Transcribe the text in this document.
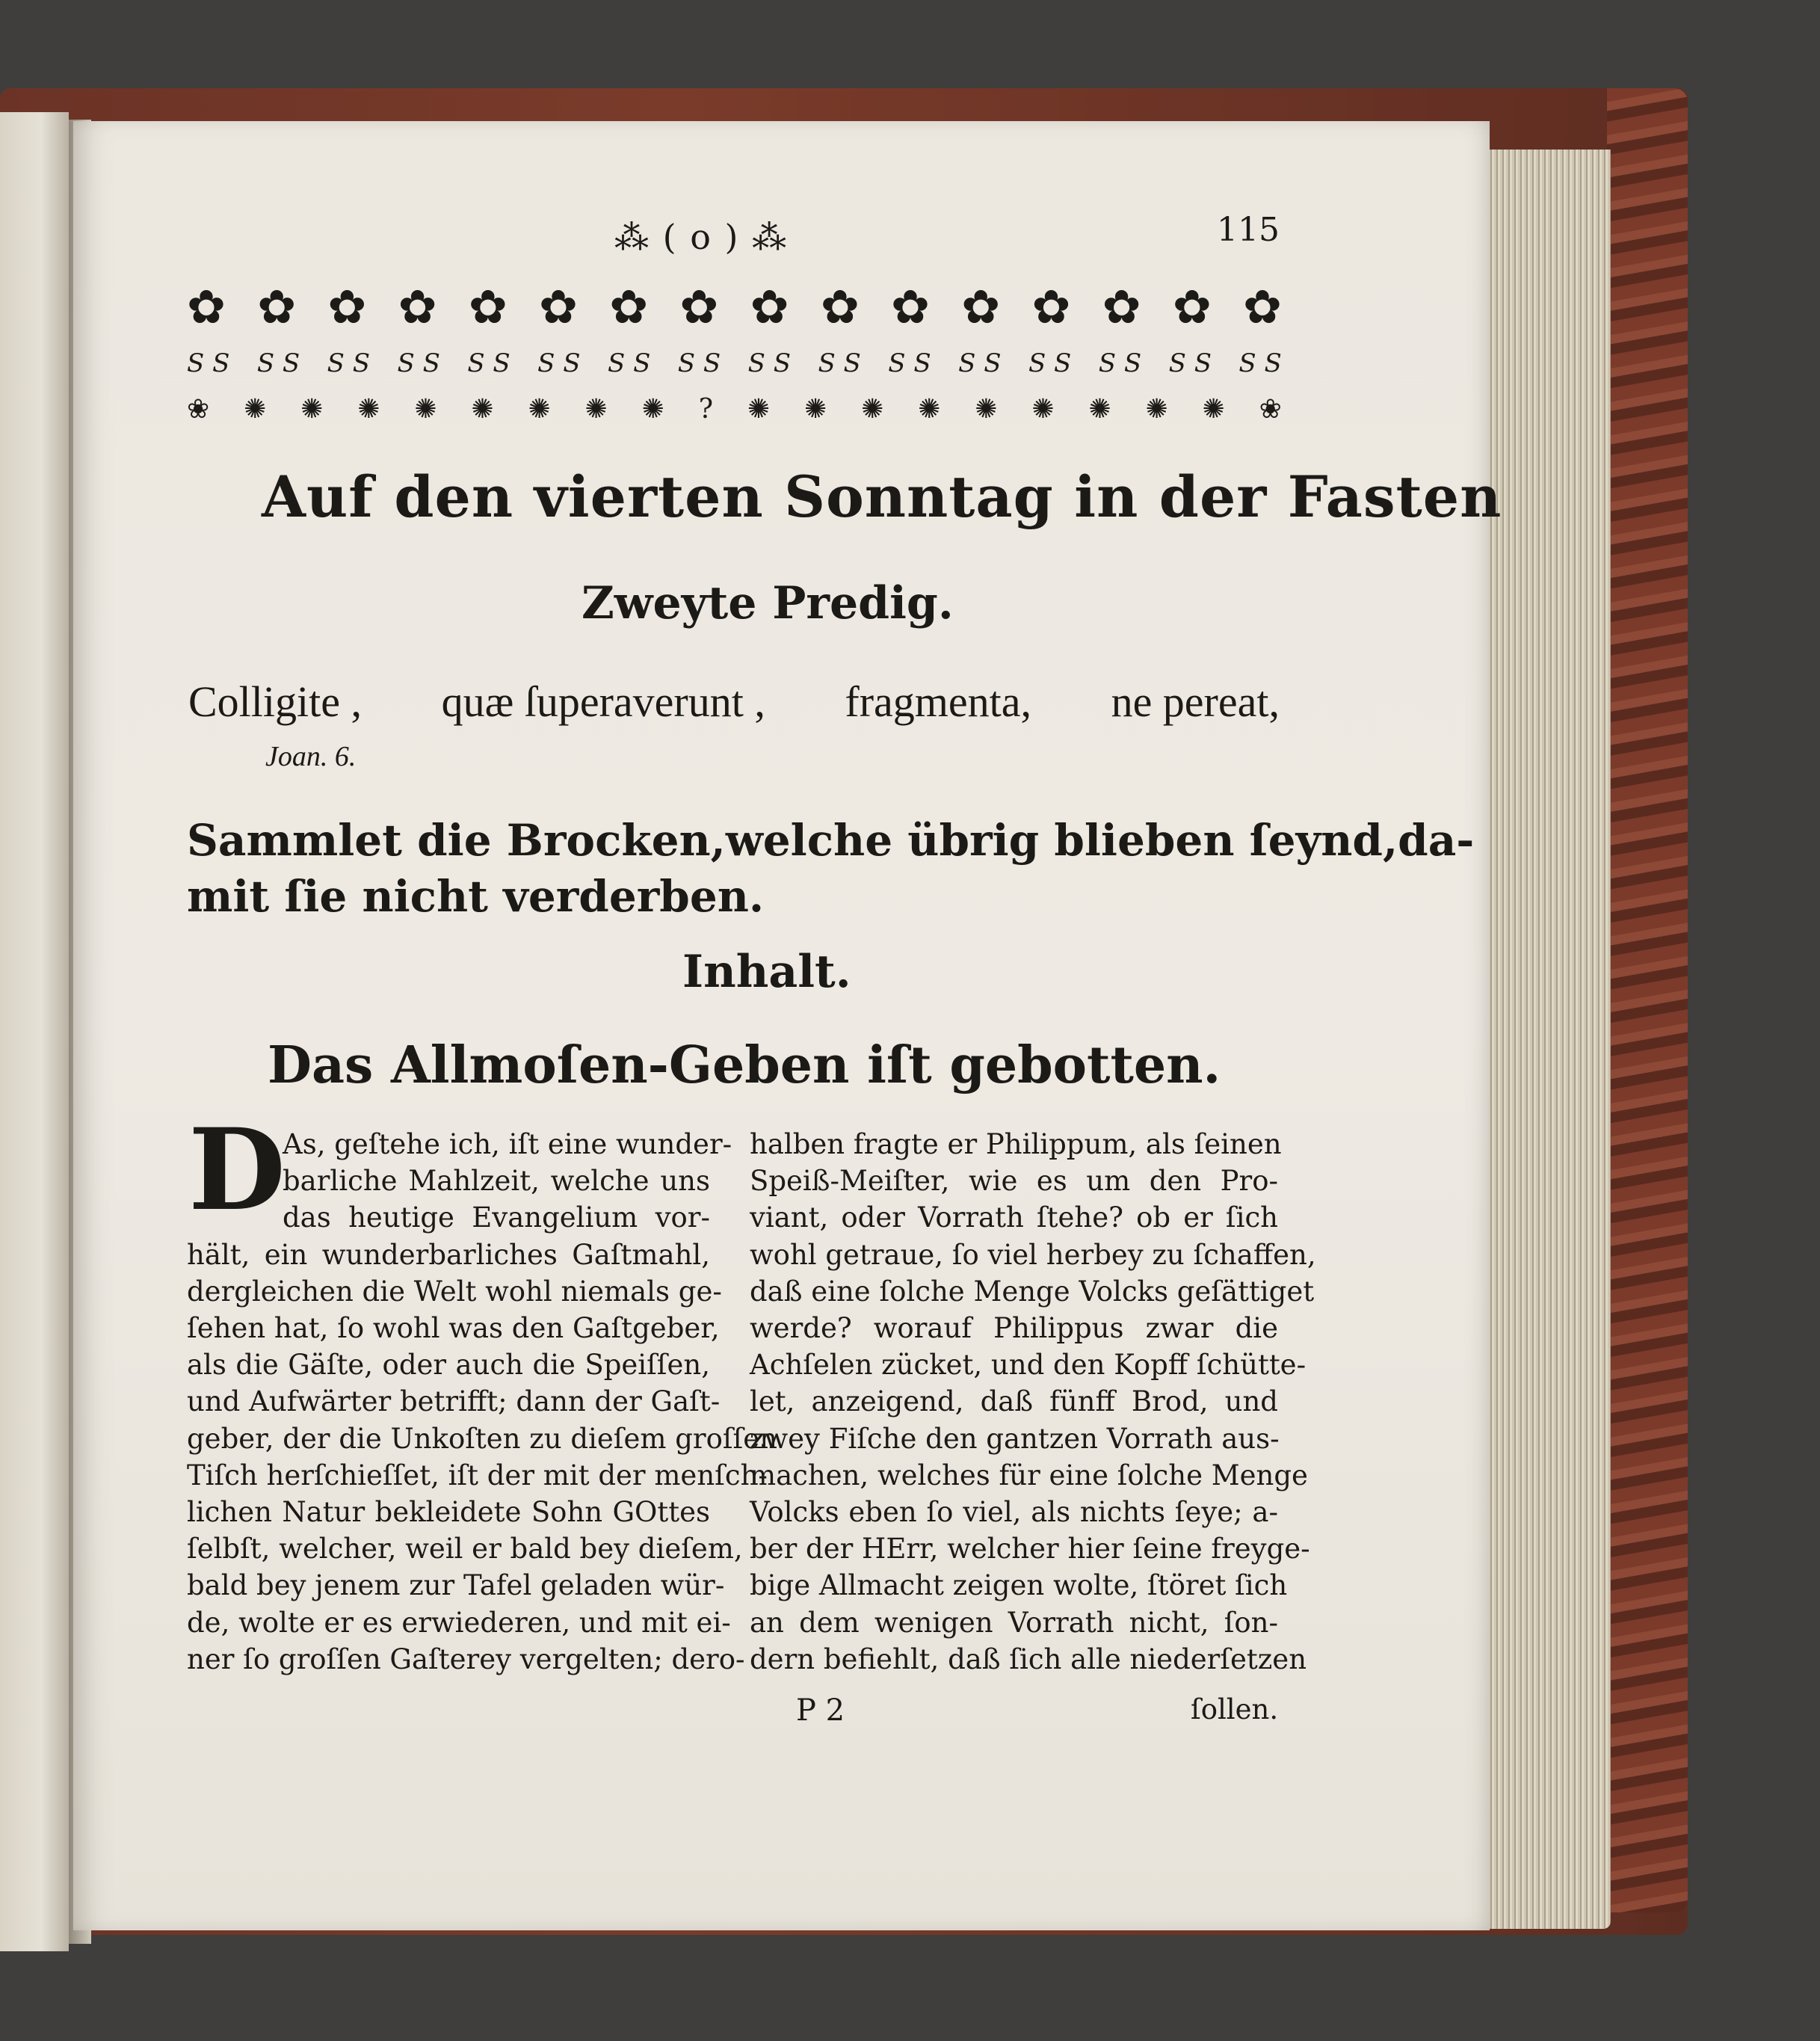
⁂ ( o ) ⁂	115
✿ ✿ ✿ ✿ ✿ ✿ ✿ ✿ ✿ ✿ ✿ ✿ ✿ ✿ ✿ ✿
S S S S S S S S S S S S S S S S S S S S S S S S S S S S S S S S
❀ ✺ ✺ ✺ ✺ ✺ ✺ ✺ ✺ ? ✺ ✺ ✺ ✺ ✺ ✺ ✺ ✺ ✺ ❀
Auf den vierten Sonntag in der Fasten
Zweyte Predig.
Colligite , quæ ſuperaverunt , fragmenta, ne pereat,
Joan. 6.
Sammlet die Brocken, welche übrig blieben ſeynd, da-
mit ſie nicht verderben.
Inhalt.
Das Allmoſen-Geben iſt gebotten.
D
As, geſtehe ich, iſt eine wunder-
barliche Mahlzeit, welche uns
das heutige Evangelium vor-
hält, ein wunderbarliches Gaſtmahl,
dergleichen die Welt wohl niemals ge-
ſehen hat, ſo wohl was den Gaſtgeber,
als die Gäſte, oder auch die Speiſſen,
und Aufwärter betrifft; dann der Gaſt-
geber, der die Unkoſten zu dieſem groſſen
Tiſch herſchieſſet, iſt der mit der menſch-
lichen Natur bekleidete Sohn GOttes
ſelbſt, welcher, weil er bald bey dieſem,
bald bey jenem zur Tafel geladen wür-
de, wolte er es erwiederen, und mit ei-
ner ſo groſſen Gaſterey vergelten; dero-
halben fragte er Philippum, als ſeinen
Speiß-Meiſter, wie es um den Pro-
viant, oder Vorrath ſtehe? ob er ſich
wohl getraue, ſo viel herbey zu ſchaffen,
daß eine ſolche Menge Volcks geſättiget
werde? worauf Philippus zwar die
Achſelen zücket, und den Kopff ſchütte-
let, anzeigend, daß fünff Brod, und
zwey Fiſche den gantzen Vorrath aus-
machen, welches für eine ſolche Menge
Volcks eben ſo viel, als nichts ſeye; a-
ber der HErr, welcher hier ſeine freyge-
bige Allmacht zeigen wolte, ſtöret ſich
an dem wenigen Vorrath nicht, ſon-
dern befiehlt, daß ſich alle niederſetzen
P 2	ſollen.
